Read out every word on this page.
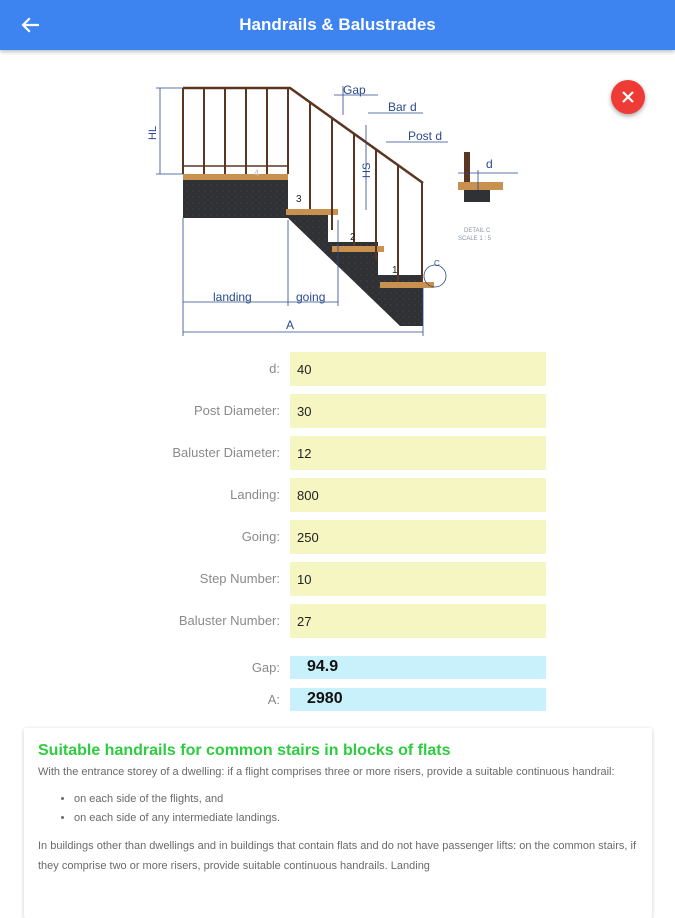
Handrails & Balustrades
HL
Gap
Bar d
Post d
HS	d
4
3
2
1
DETAIL C
SCALE 1 : 5
C
landing	going
A
d:
40
Post Diameter:
30
Baluster Diameter:
12
Landing:
800
Going:
250
Step Number:
10
Baluster Number:
27
Gap:	94.9
A:	2980
Suitable handrails for common stairs in blocks of flats

With the entrance storey of a dwelling: if a flight comprises three or more risers, provide a suitable continuous handrail:

• on each side of the flights, and
• on each side of any intermediate landings.

In buildings other than dwellings and in buildings that contain flats and do not have passenger lifts: on the common stairs, if they comprise two or more risers, provide suitable continuous handrails. Landing
